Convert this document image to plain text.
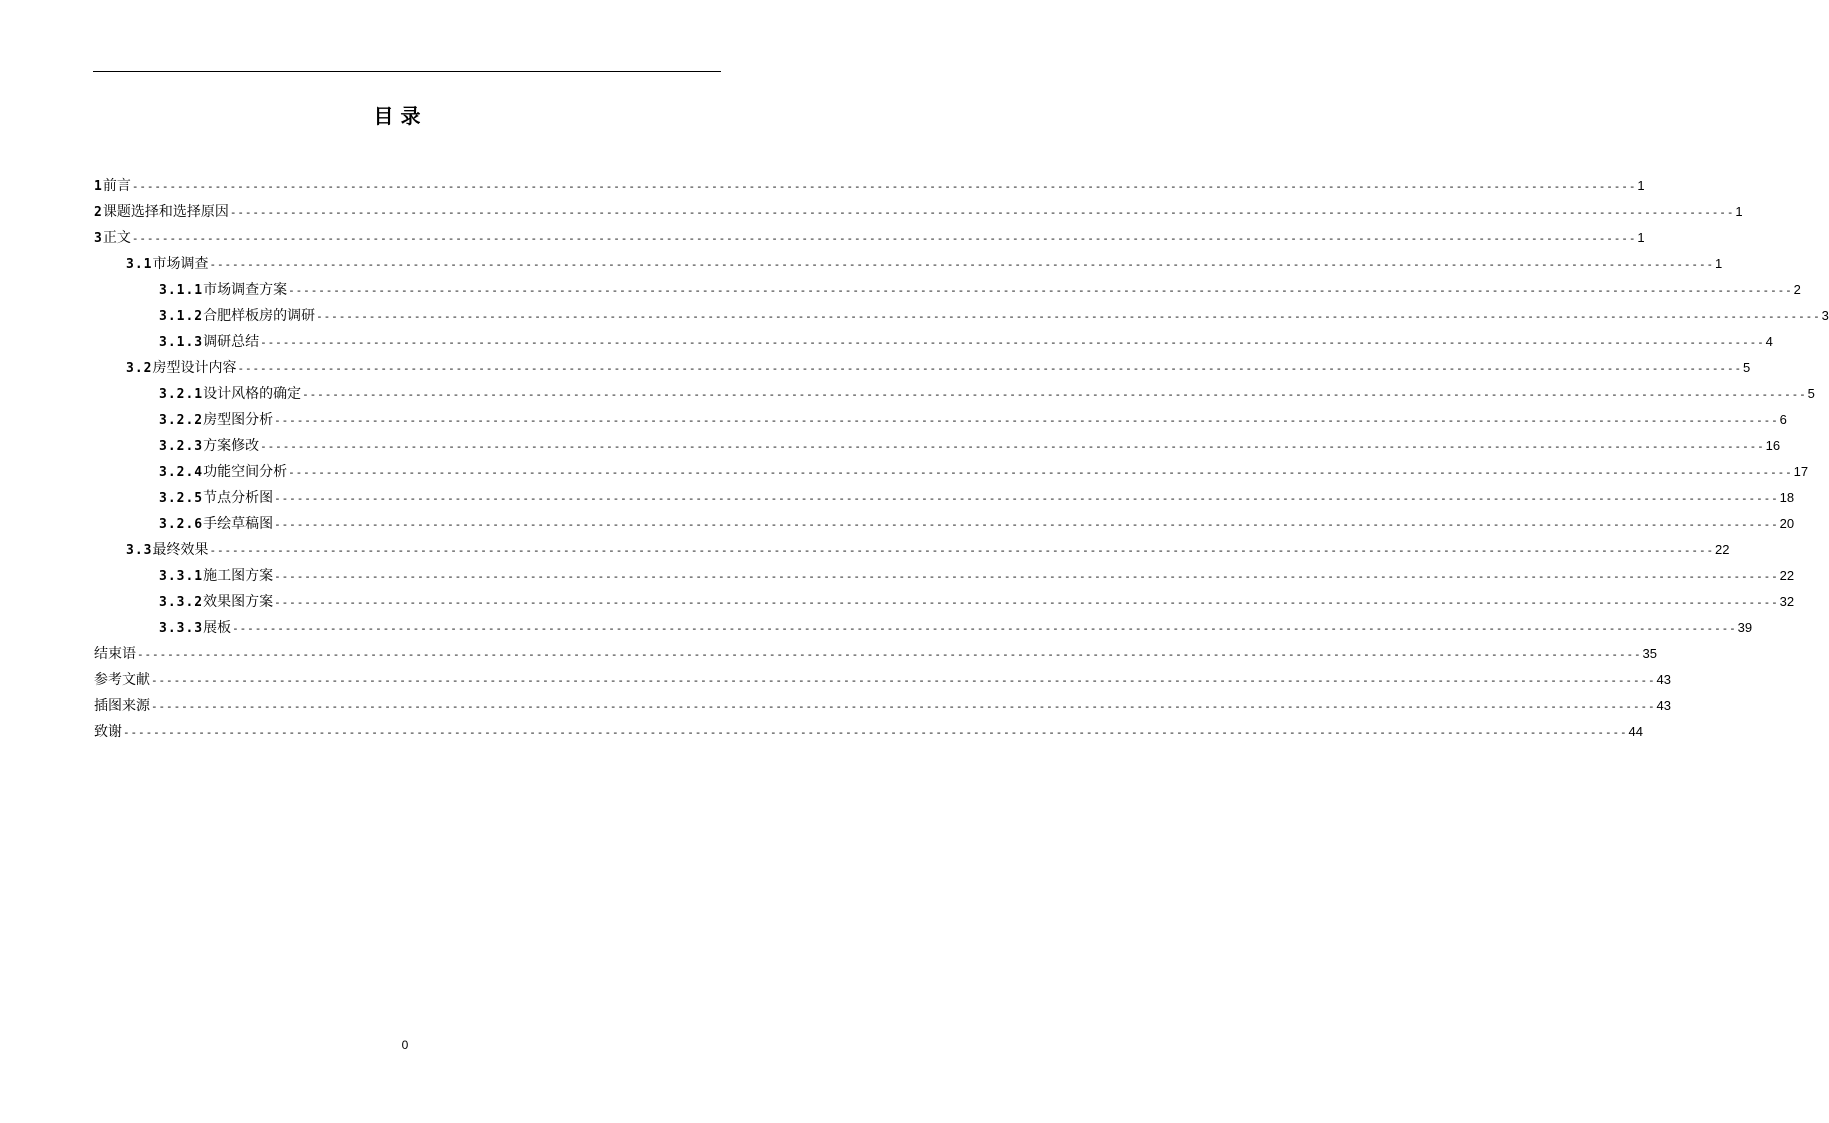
目 录
1 前言 -------------------------------------------------------------------------------------------------------------------------------------------------------------------------------------------------------- 1
2 课题选择和选择原因 -------------------------------------------------------------------------------------------------------------------------------------------------------------------------------------------------------- 1
3 正文 -------------------------------------------------------------------------------------------------------------------------------------------------------------------------------------------------------- 1
3.1 市场调查 -------------------------------------------------------------------------------------------------------------------------------------------------------------------------------------------------------- 1
3.1.1 市场调查方案 -------------------------------------------------------------------------------------------------------------------------------------------------------------------------------------------------------- 2
3.1.2 合肥样板房的调研 -------------------------------------------------------------------------------------------------------------------------------------------------------------------------------------------------------- 3
3.1.3 调研总结 -------------------------------------------------------------------------------------------------------------------------------------------------------------------------------------------------------- 4
3.2 房型设计内容 -------------------------------------------------------------------------------------------------------------------------------------------------------------------------------------------------------- 5
3.2.1 设计风格的确定 -------------------------------------------------------------------------------------------------------------------------------------------------------------------------------------------------------- 5
3.2.2 房型图分析 -------------------------------------------------------------------------------------------------------------------------------------------------------------------------------------------------------- 6
3.2.3 方案修改 -------------------------------------------------------------------------------------------------------------------------------------------------------------------------------------------------------- 16
3.2.4 功能空间分析 -------------------------------------------------------------------------------------------------------------------------------------------------------------------------------------------------------- 17
3.2.5 节点分析图 -------------------------------------------------------------------------------------------------------------------------------------------------------------------------------------------------------- 18
3.2.6 手绘草稿图 -------------------------------------------------------------------------------------------------------------------------------------------------------------------------------------------------------- 20
3.3 最终效果 -------------------------------------------------------------------------------------------------------------------------------------------------------------------------------------------------------- 22
3.3.1 施工图方案 -------------------------------------------------------------------------------------------------------------------------------------------------------------------------------------------------------- 22
3.3.2 效果图方案 -------------------------------------------------------------------------------------------------------------------------------------------------------------------------------------------------------- 32
3.3.3 展板 -------------------------------------------------------------------------------------------------------------------------------------------------------------------------------------------------------- 39
结束语 -------------------------------------------------------------------------------------------------------------------------------------------------------------------------------------------------------- 35
参考文献 -------------------------------------------------------------------------------------------------------------------------------------------------------------------------------------------------------- 43
插图来源 -------------------------------------------------------------------------------------------------------------------------------------------------------------------------------------------------------- 43
致谢 -------------------------------------------------------------------------------------------------------------------------------------------------------------------------------------------------------- 44
0
